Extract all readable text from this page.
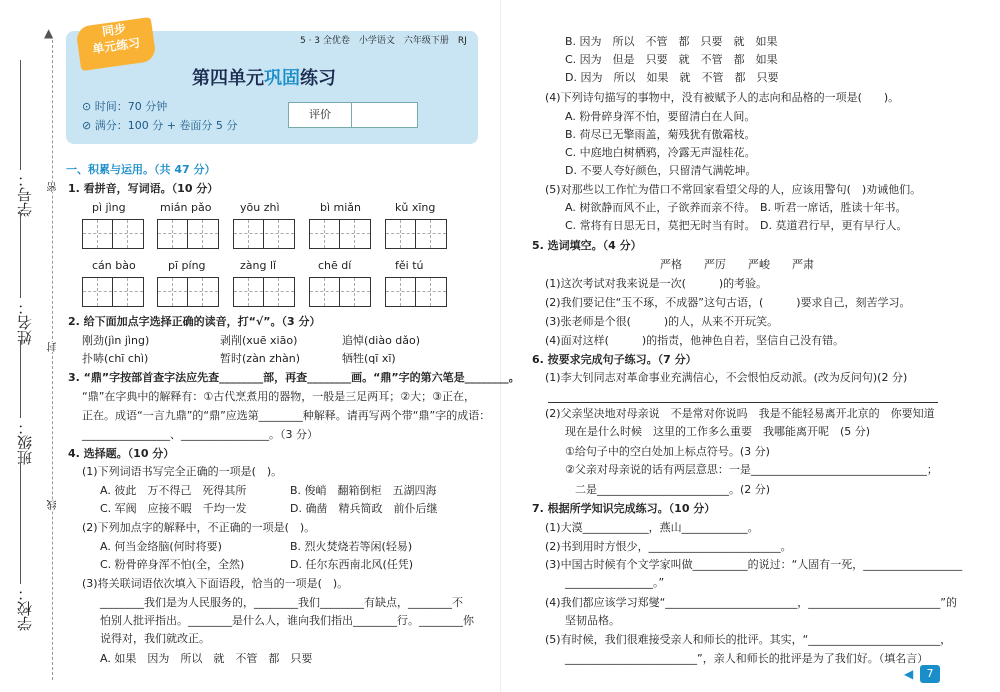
▲
学号：
姓名：
班级：
学校：
密
封
线
同步
单元练习	5 · 3 全优卷　小学语文　六年级下册　RJ
第四单元巩固练习
⊙ 时间：70 分钟
⊘ 满分：100 分 + 卷面分 5 分
评价
一、积累与运用。（共 47 分）
1. 看拼音，写词语。（10 分）
pì jìng	mián pǎo	yōu zhì	bì miǎn	kǔ xīng
cán bào	pī píng	zàng lǐ	chē dí	fěi tú
2. 给下面加点字选择正确的读音，打“√”。（3 分）
刚劲(jìn jìng)	剥削(xuē xiāo)	追悼(diào dǎo)
扑哧(chī chì)	暂时(zàn zhàn)	牺牲(qī xī)
3. “鼎”字按部首查字法应先查________部，再查________画。“鼎”字的第六笔是________。
“鼎”在字典中的解释有：①古代烹煮用的器物，一般是三足两耳；②大；③正在，
正在。成语“一言九鼎”的“鼎”应选第________种解释。请再写两个带“鼎”字的成语：
________________、________________。（3 分）
4. 选择题。（10 分）
(1)下列词语书写完全正确的一项是(　)。
A. 彼此　万不得己　死得其所	B. 俊峭　翻箱倒柜　五湖四海
C. 军阀　应接不暇　千均一发	D. 确凿　精兵简政　前仆后继
(2)下列加点字的解释中，不正确的一项是(　)。
A. 何当金络脑(何时将要)	B. 烈火焚烧若等闲(轻易)
C. 粉骨碎身浑不怕(全，全然)	D. 任尔东西南北风(任凭)
(3)将关联词语依次填入下面语段，恰当的一项是(　)。
________我们是为人民服务的，________我们________有缺点，________不
怕别人批评指出。________是什么人，谁向我们指出________行。________你
说得对，我们就改正。
A. 如果　因为　所以　就　不管　都　只要
B. 因为　所以　不管　都　只要　就　如果
C. 因为　但是　只要　就　不管　都　如果
D. 因为　所以　如果　就　不管　都　只要
(4)下列诗句描写的事物中，没有被赋予人的志向和品格的一项是(　　)。
A. 粉骨碎身浑不怕，要留清白在人间。
B. 荷尽已无擎雨盖，菊残犹有傲霜枝。
C. 中庭地白树栖鸦，冷露无声湿桂花。
D. 不要人夸好颜色，只留清气满乾坤。
(5)对那些以工作忙为借口不常回家看望父母的人，应该用警句(　)劝诫他们。
A. 树欲静而风不止，子欲养而亲不待。 B. 听君一席话，胜读十年书。
C. 常将有日思无日，莫把无时当有时。 D. 莫道君行早，更有早行人。
5. 选词填空。（4 分）
严格　　严厉　　严峻　　严肃
(1)这次考试对我来说是一次(　　　)的考验。
(2)我们要记住“玉不琢，不成器”这句古语，(　　　)要求自己，刻苦学习。
(3)张老师是个很(　　　)的人，从来不开玩笑。
(4)面对这样(　　　)的指责，他神色自若，坚信自己没有错。
6. 按要求完成句子练习。（7 分）
(1)李大钊同志对革命事业充满信心，不会恨怕反动派。(改为反问句)(2 分)
(2)父亲坚决地对母亲说　不是常对你说吗　我是不能轻易离开北京的　你要知道
现在是什么时候　这里的工作多么重要　我哪能离开呢　(5 分)
①给句子中的空白处加上标点符号。(3 分)
②父亲对母亲说的话有两层意思：一是________________________________；
二是________________________。(2 分)
7. 根据所学知识完成练习。（10 分）
(1)大漠____________，燕山____________。
(2)书到用时方恨少，________________________。
(3)中国古时候有个文学家叫做__________的说过：“人固有一死，__________________
________________。”
(4)我们都应该学习郑燮“________________________，________________________”的
坚韧品格。
(5)有时候，我们很难接受亲人和师长的批评。其实，“________________________，
________________________”，亲人和师长的批评是为了我们好。（填名言）
◀	7
